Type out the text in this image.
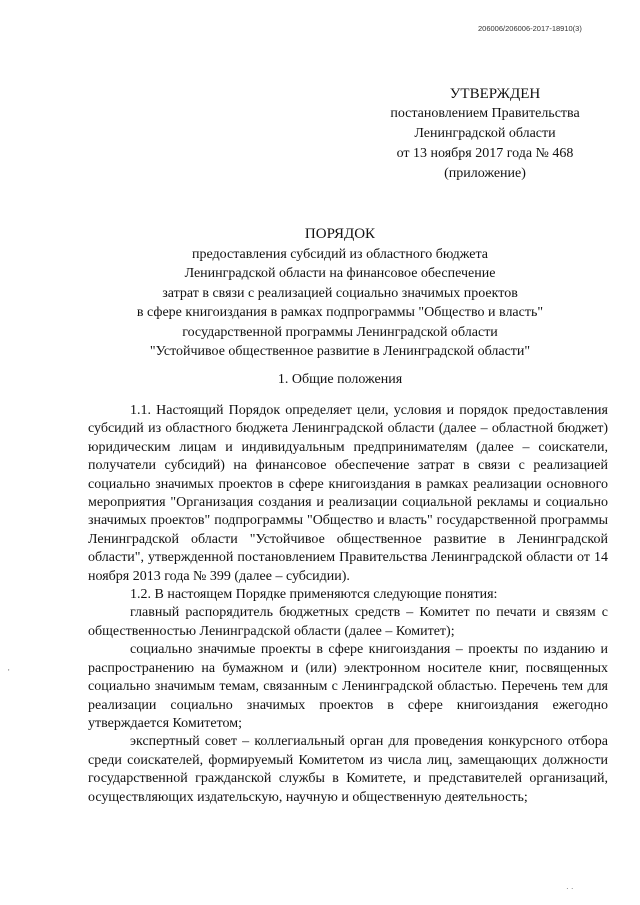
206006/206006-2017-18910(3)
УТВЕРЖДЕН
постановлением Правительства
Ленинградской области
от 13 ноября 2017 года № 468
(приложение)
ПОРЯДОК
предоставления субсидий из областного бюджета
Ленинградской области на финансовое обеспечение
затрат в связи с реализацией социально значимых проектов
в сфере книгоиздания в рамках подпрограммы "Общество и власть"
государственной программы Ленинградской области
"Устойчивое общественное развитие в Ленинградской области"
1. Общие положения

1.1. Настоящий Порядок определяет цели, условия и порядок предоставления субсидий из областного бюджета Ленинградской области (далее – областной бюджет) юридическим лицам и индивидуальным предпринимателям (далее – соискатели, получатели субсидий) на финансовое обеспечение затрат в связи с реализацией социально значимых проектов в сфере книгоиздания в рамках реализации основного мероприятия "Организация создания и реализации социальной рекламы и социально значимых проектов" подпрограммы "Общество и власть" государственной программы Ленинградской области "Устойчивое общественное развитие в Ленинградской области", утвержденной постановлением Правительства Ленинградской области от 14 ноября 2013 года № 399 (далее – субсидии).

1.2. В настоящем Порядке применяются следующие понятия:

главный распорядитель бюджетных средств – Комитет по печати и связям с общественностью Ленинградской области (далее – Комитет);

социально значимые проекты в сфере книгоиздания – проекты по изданию и распространению на бумажном и (или) электронном носителе книг, посвященных социально значимым темам, связанным с Ленинградской областью. Перечень тем для реализации социально значимых проектов в сфере книгоиздания ежегодно утверждается Комитетом;

экспертный совет – коллегиальный орган для проведения конкурсного отбора среди соискателей, формируемый Комитетом из числа лиц, замещающих должности государственной гражданской службы в Комитете, и представителей организаций, осуществляющих издательскую, научную и общественную деятельность;

'
· ·
